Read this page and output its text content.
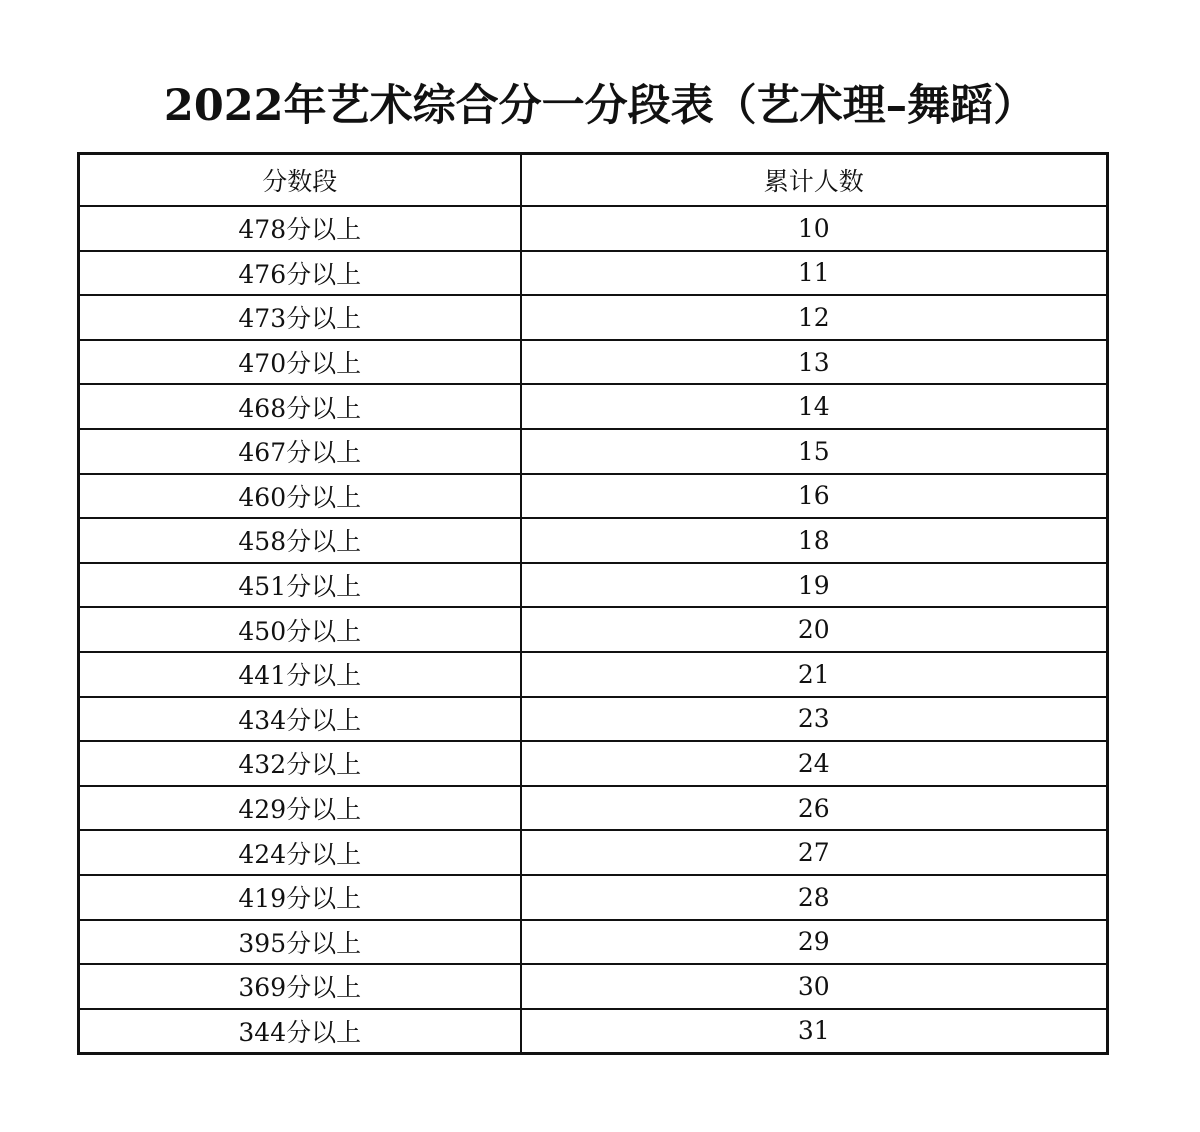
2022年艺术综合分一分段表（艺术理–舞蹈）
分数段	累计人数
478分以上	10
476分以上	11
473分以上	12
470分以上	13
468分以上	14
467分以上	15
460分以上	16
458分以上	18
451分以上	19
450分以上	20
441分以上	21
434分以上	23
432分以上	24
429分以上	26
424分以上	27
419分以上	28
395分以上	29
369分以上	30
344分以上	31
